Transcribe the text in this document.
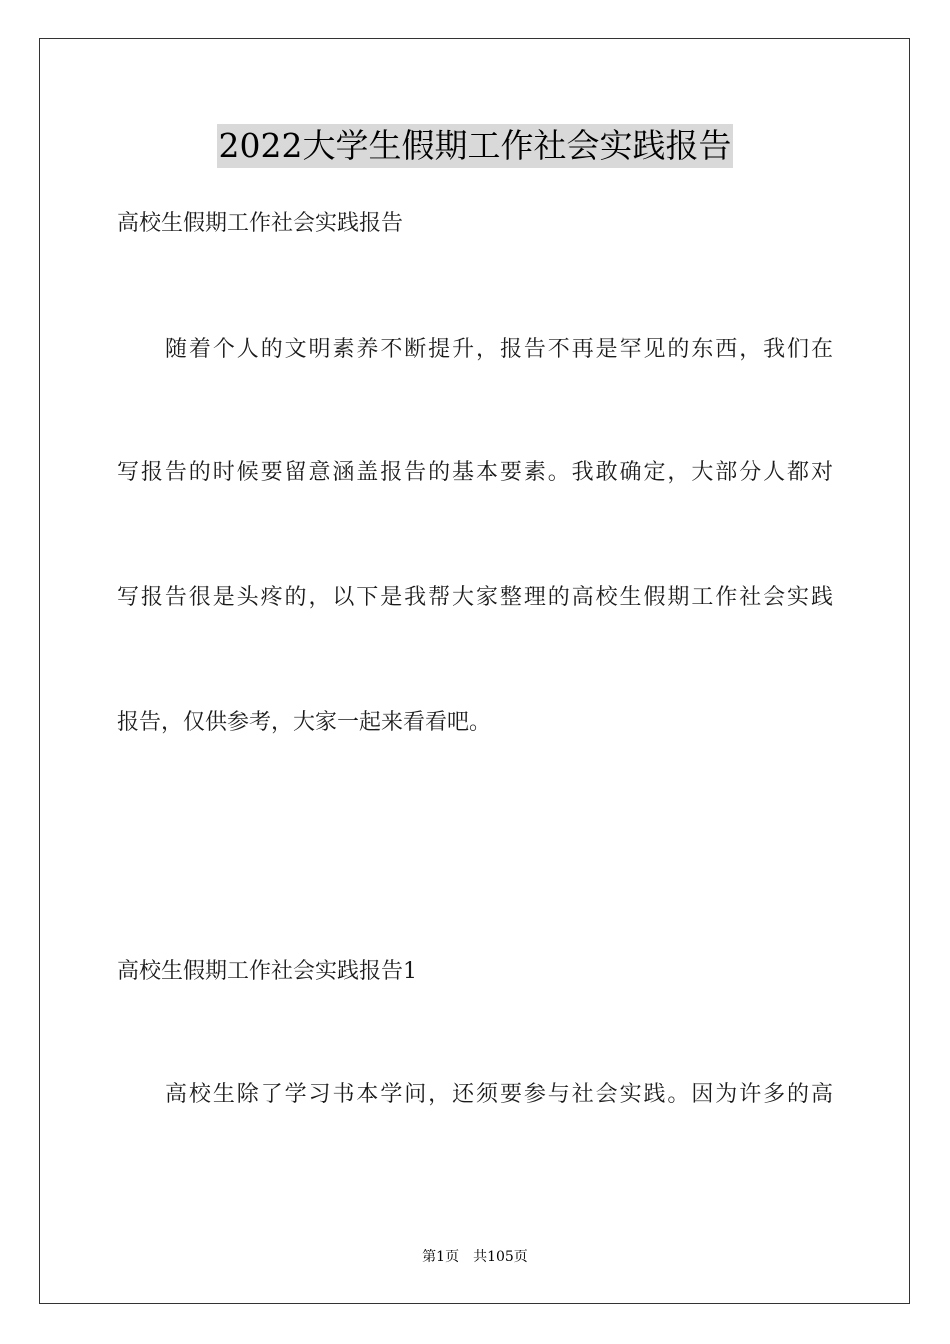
2022大学生假期工作社会实践报告
高校生假期工作社会实践报告
随着个人的文明素养不断提升，报告不再是罕见的东西，我们在
写报告的时候要留意涵盖报告的基本要素。我敢确定，大部分人都对
写报告很是头疼的，以下是我帮大家整理的高校生假期工作社会实践
报告，仅供参考，大家一起来看看吧。
高校生假期工作社会实践报告1
高校生除了学习书本学问，还须要参与社会实践。因为许多的高
第1页　共105页
